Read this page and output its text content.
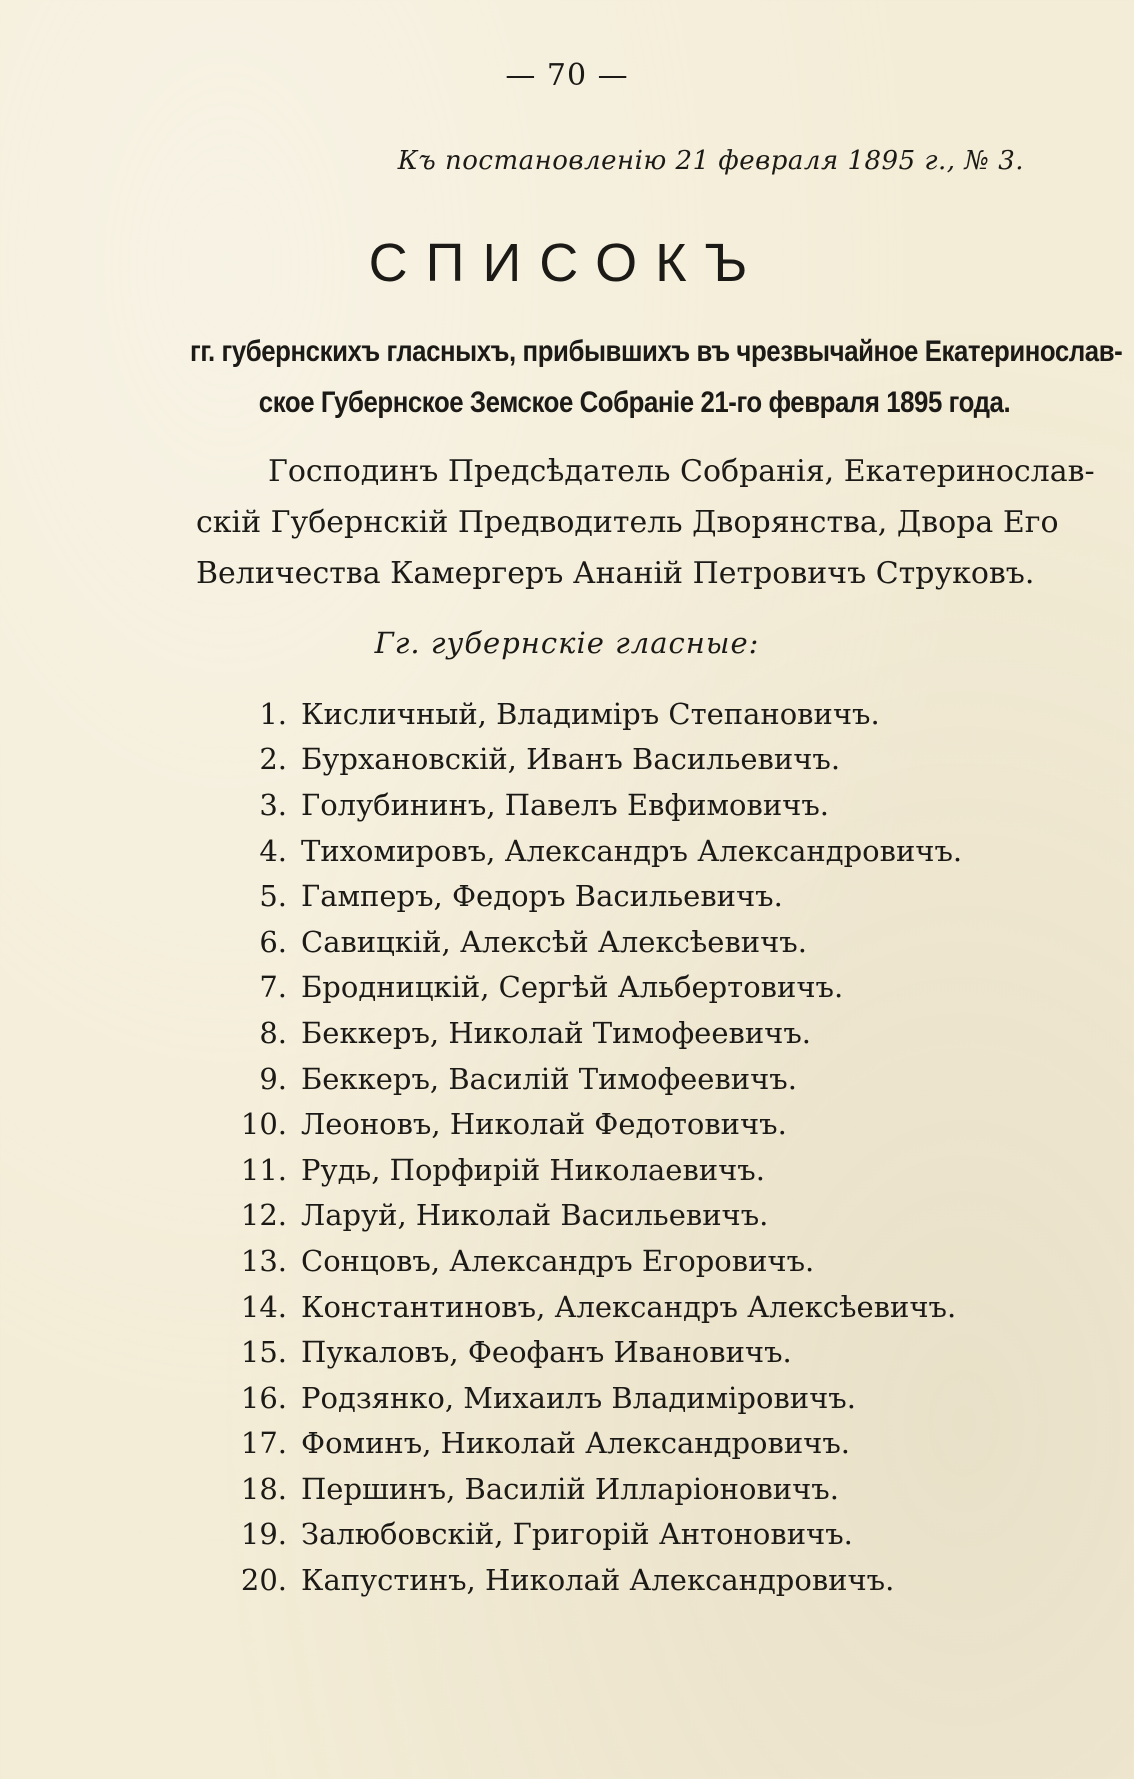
— 70 —
Къ постановленію 21 февраля 1895 г., № 3.
СПИСОКЪ
гг. губернскихъ гласныхъ, прибывшихъ въ чрезвычайное Екатеринослав-
ское Губернское Земское Собраніе 21-го февраля 1895 года.
Господинъ Предсѣдатель Собранія, Екатеринослав-
скій Губернскій Предводитель Дворянства, Двора Его
Величества Камергеръ Ананій Петровичъ Струковъ.
Гг. губернскіе гласные:
1. Кисличный, Владиміръ Степановичъ.
2. Бурхановскій, Иванъ Васильевичъ.
3. Голубининъ, Павелъ Евфимовичъ.
4. Тихомировъ, Александръ Александровичъ.
5. Гамперъ, Федоръ Васильевичъ.
6. Савицкій, Алексѣй Алексѣевичъ.
7. Бродницкій, Сергѣй Альбертовичъ.
8. Беккеръ, Николай Тимофеевичъ.
9. Беккеръ, Василій Тимофеевичъ.
10. Леоновъ, Николай Федотовичъ.
11. Рудь, Порфирій Николаевичъ.
12. Ларуй, Николай Васильевичъ.
13. Сонцовъ, Александръ Егоровичъ.
14. Константиновъ, Александръ Алексѣевичъ.
15. Пукаловъ, Феофанъ Ивановичъ.
16. Родзянко, Михаилъ Владиміровичъ.
17. Фоминъ, Николай Александровичъ.
18. Першинъ, Василій Илларіоновичъ.
19. Залюбовскій, Григорій Антоновичъ.
20. Капустинъ, Николай Александровичъ.
